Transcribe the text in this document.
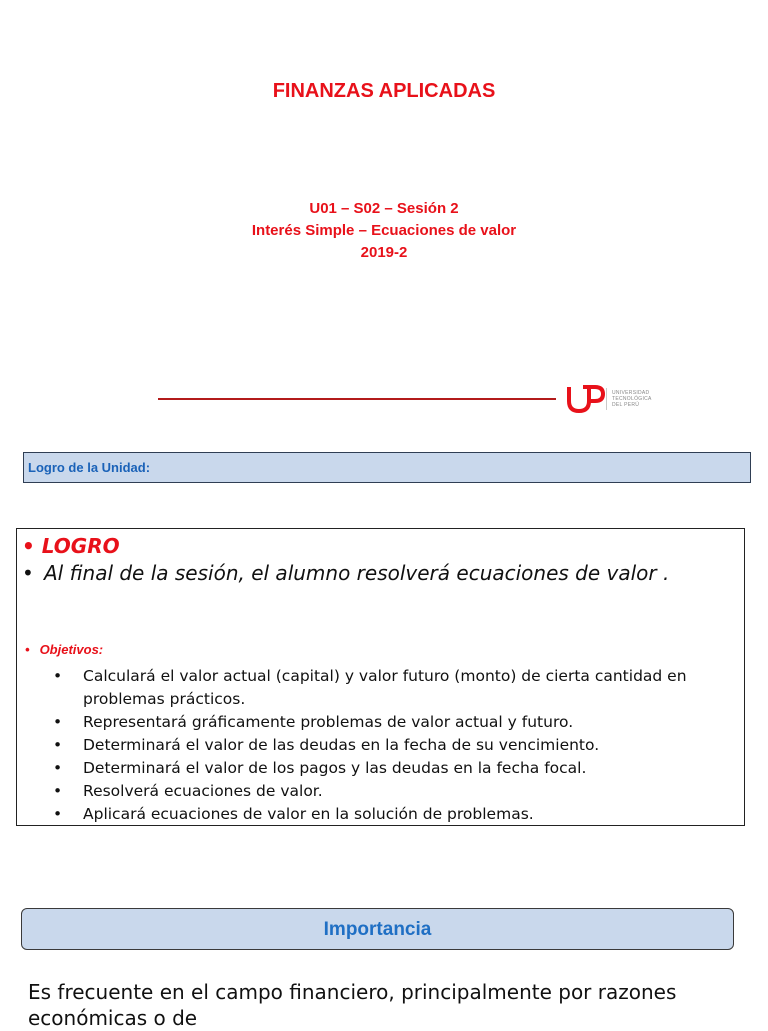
FINANZAS APLICADAS
U01 – S02 – Sesión 2
Interés Simple – Ecuaciones de valor
2019-2
UNIVERSIDAD
TECNOLÓGICA
DEL PERÚ
Logro de la Unidad:
• LOGRO
• Al final de la sesión, el alumno resolverá ecuaciones de valor .
• Objetivos:
• Calculará el valor actual (capital) y valor futuro (monto) de cierta cantidad en problemas prácticos.
• Representará gráficamente problemas de valor actual y futuro.
• Determinará el valor de las deudas en la fecha de su vencimiento.
• Determinará el valor de los pagos y las deudas en la fecha focal.
• Resolverá ecuaciones de valor.
• Aplicará ecuaciones de valor en la solución de problemas.
Importancia
Es frecuente en el campo financiero, principalmente por razones económicas o de
